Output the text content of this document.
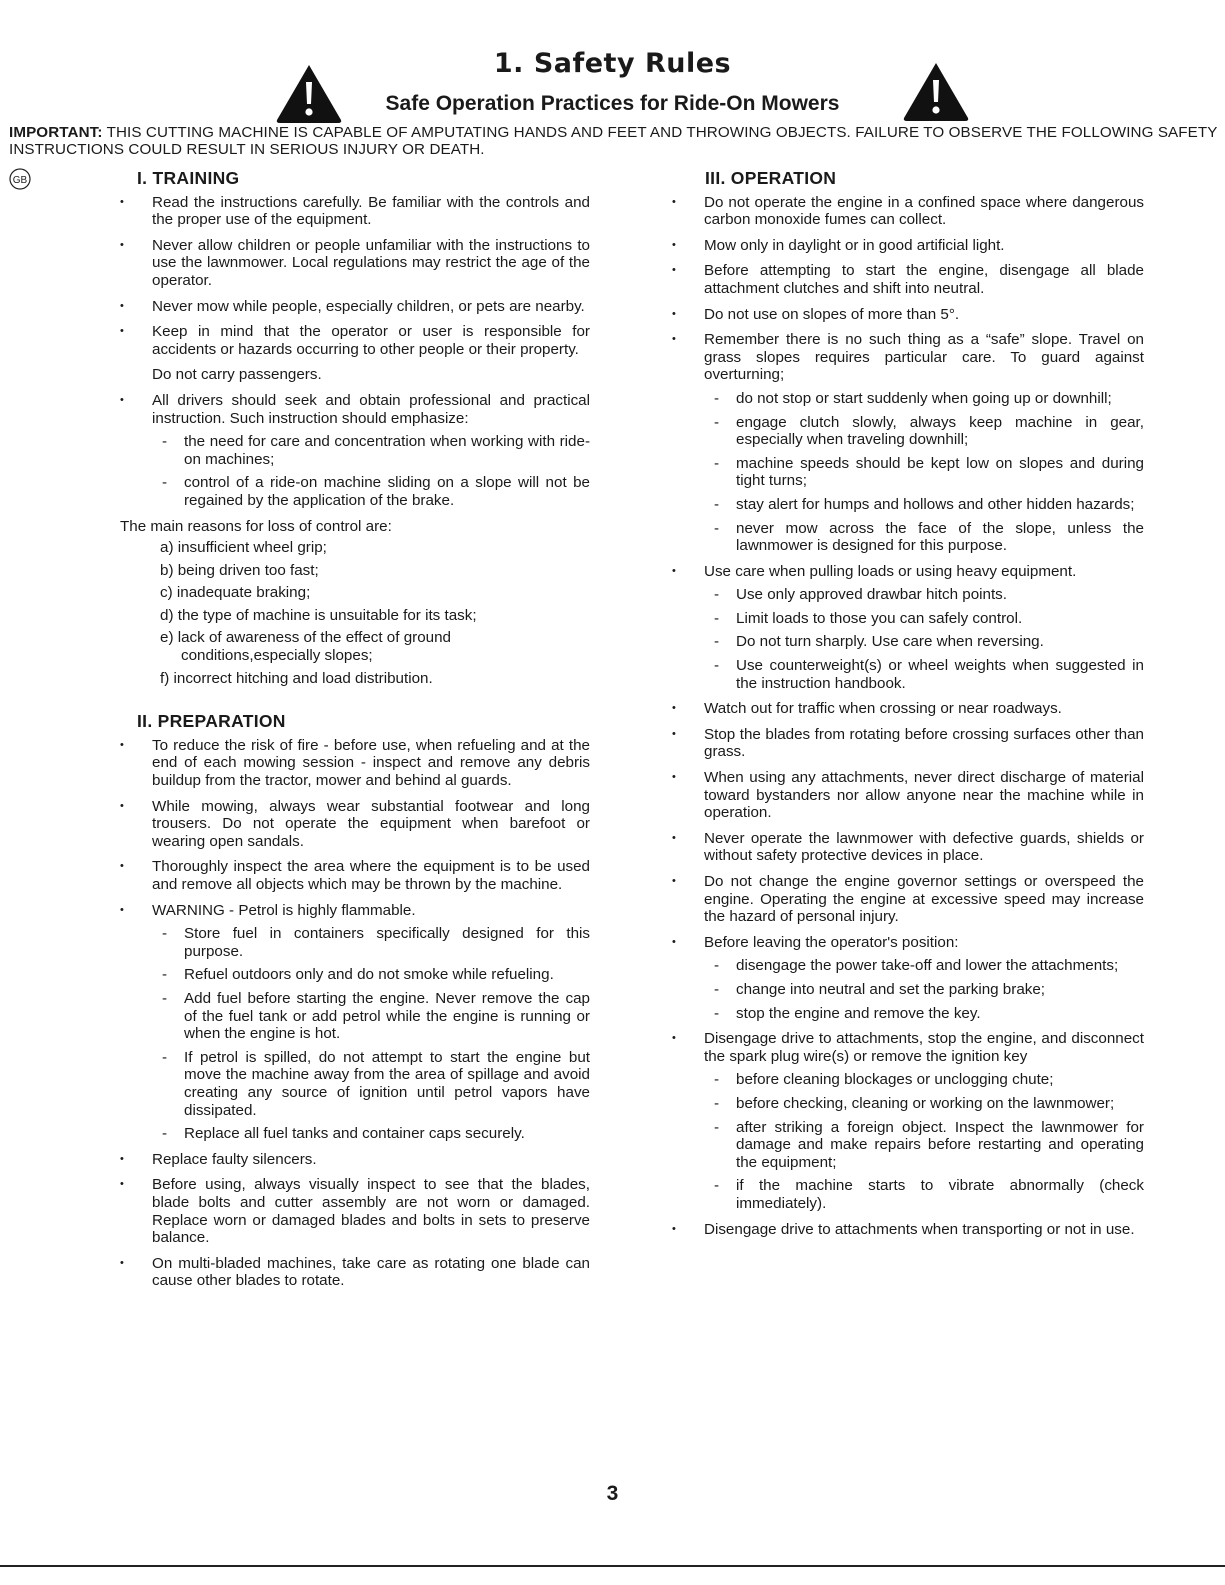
1. Safety Rules
Safe Operation Practices for Ride-On Mowers
IMPORTANT: THIS CUTTING MACHINE IS CAPABLE OF AMPUTATING HANDS AND FEET AND THROWING OBJECTS. FAILURE TO OBSERVE THE FOLLOWING SAFETY INSTRUCTIONS COULD RESULT IN SERIOUS INJURY OR DEATH.
GB	I. TRAINING
• Read the instructions carefully. Be familiar with the controls and the proper use of the equipment.
• Never allow children or people unfamiliar with the instructions to use the lawnmower. Local regulations may restrict the age of the operator.
• Never mow while people, especially children, or pets are nearby.
• Keep in mind that the operator or user is responsible for accidents or hazards occurring to other people or their property.

Do not carry passengers.

• All drivers should seek and obtain professional and practical instruction. Such instruction should emphasize:
- the need for care and concentration when working with ride-on machines;
- control of a ride-on machine sliding on a slope will not be regained by the application of the brake.

The main reasons for loss of control are:

a) insufficient wheel grip;
b) being driven too fast;
c) inadequate braking;
d) the type of machine is unsuitable for its task;
e) lack of awareness of the effect of ground conditions,especially slopes;
f) incorrect hitching and load distribution.
II. PREPARATION
• To reduce the risk of fire - before use, when refueling and at the end of each mowing session - inspect and remove any debris buildup from the tractor, mower and behind al guards.
• While mowing, always wear substantial footwear and long trousers. Do not operate the equipment when barefoot or wearing open sandals.
• Thoroughly inspect the area where the equipment is to be used and remove all objects which may be thrown by the machine.
• WARNING - Petrol is highly flammable.
- Store fuel in containers specifically designed for this purpose.
- Refuel outdoors only and do not smoke while refueling.
- Add fuel before starting the engine. Never remove the cap of the fuel tank or add petrol while the engine is running or when the engine is hot.
- If petrol is spilled, do not attempt to start the engine but move the machine away from the area of spillage and avoid creating any source of ignition until petrol vapors have dissipated.
- Replace all fuel tanks and container caps securely.
• Replace faulty silencers.
• Before using, always visually inspect to see that the blades, blade bolts and cutter assembly are not worn or damaged. Replace worn or damaged blades and bolts in sets to preserve balance.
• On multi-bladed machines, take care as rotating one blade can cause other blades to rotate.
III. OPERATION
• Do not operate the engine in a confined space where dangerous carbon monoxide fumes can collect.
• Mow only in daylight or in good artificial light.
• Before attempting to start the engine, disengage all blade attachment clutches and shift into neutral.
• Do not use on slopes of more than 5°.
• Remember there is no such thing as a “safe” slope. Travel on grass slopes requires particular care. To guard against overturning;
- do not stop or start suddenly when going up or downhill;
- engage clutch slowly, always keep machine in gear, especially when traveling downhill;
- machine speeds should be kept low on slopes and during tight turns;
- stay alert for humps and hollows and other hidden hazards;
- never mow across the face of the slope, unless the lawnmower is designed for this purpose.
• Use care when pulling loads or using heavy equipment.
- Use only approved drawbar hitch points.
- Limit loads to those you can safely control.
- Do not turn sharply. Use care when reversing.
- Use counterweight(s) or wheel weights when suggested in the instruction handbook.
• Watch out for traffic when crossing or near roadways.
• Stop the blades from rotating before crossing surfaces other than grass.
• When using any attachments, never direct discharge of material toward bystanders nor allow anyone near the machine while in operation.
• Never operate the lawnmower with defective guards, shields or without safety protective devices in place.
• Do not change the engine governor settings or overspeed the engine. Operating the engine at excessive speed may increase the hazard of personal injury.
• Before leaving the operator's position:
- disengage the power take-off and lower the attachments;
- change into neutral and set the parking brake;
- stop the engine and remove the key.
• Disengage drive to attachments, stop the engine, and disconnect the spark plug wire(s) or remove the ignition key
- before cleaning blockages or unclogging chute;
- before checking, cleaning or working on the lawnmower;
- after striking a foreign object. Inspect the lawnmower for damage and make repairs before restarting and operating the equipment;
- if the machine starts to vibrate abnormally (check immediately).
• Disengage drive to attachments when transporting or not in use.
3
